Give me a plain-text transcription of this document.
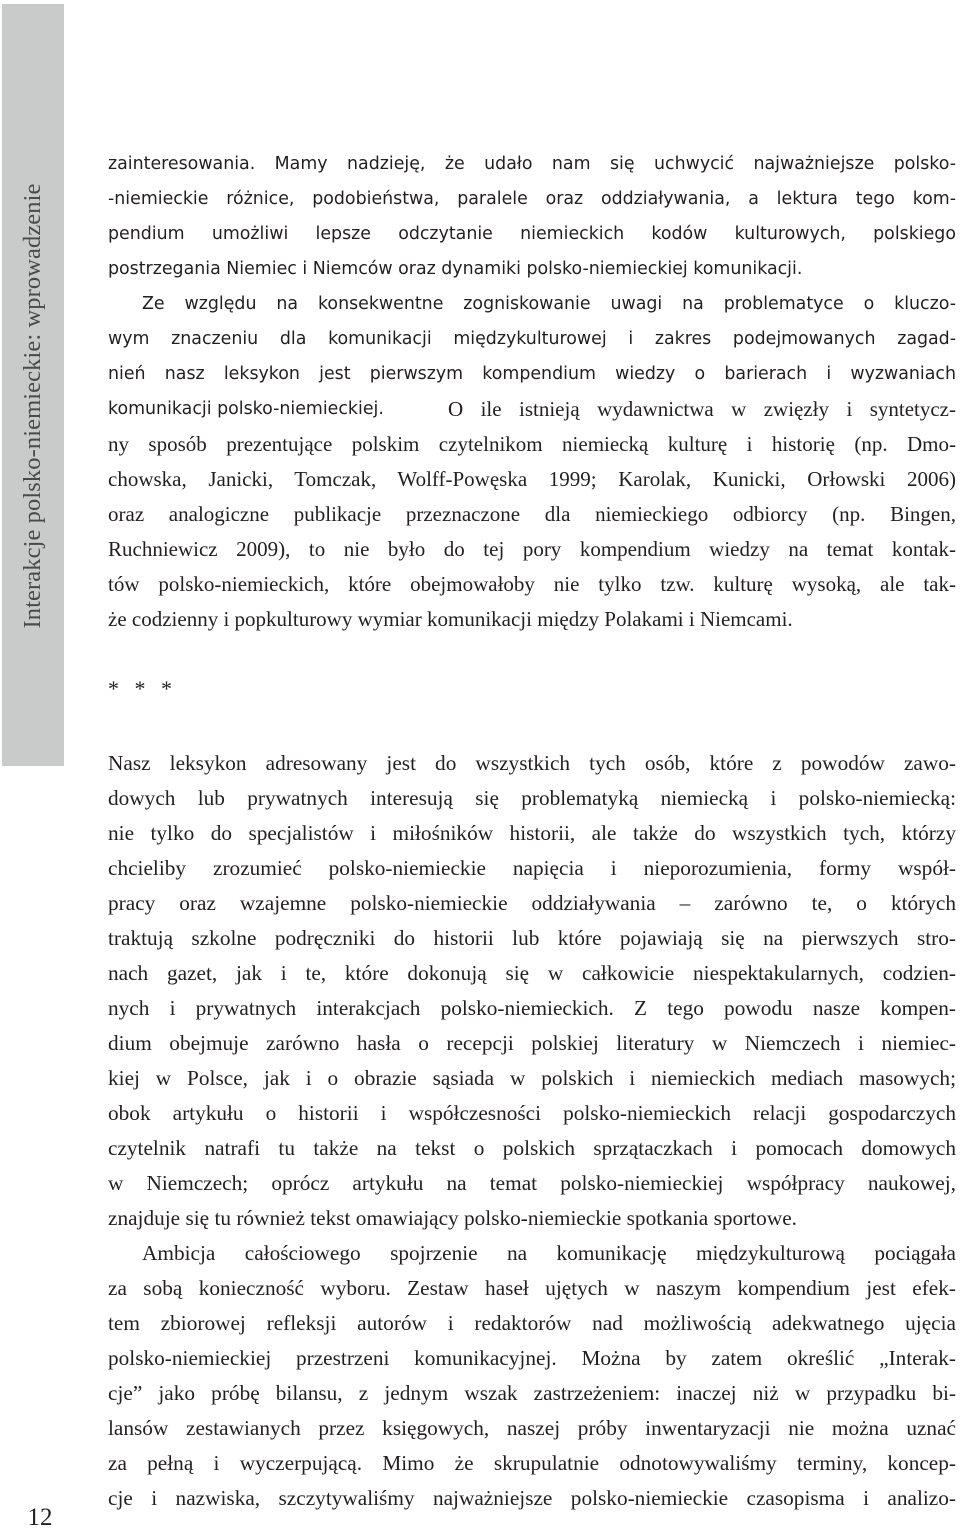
Interakcje polsko-niemieckie: wprowadzenie
12
zainteresowania. Mamy nadzieję, że udało nam się uchwycić najważniejsze polsko-
-niemieckie różnice, podobieństwa, paralele oraz oddziaływania, a lektura tego kom-
pendium umożliwi lepsze odczytanie niemieckich kodów kulturowych, polskiego
postrzegania Niemiec i Niemców oraz dynamiki polsko-niemieckiej komunikacji.
Ze względu na konsekwentne zogniskowanie uwagi na problematyce o kluczo-
wym znaczeniu dla komunikacji międzykulturowej i zakres podejmowanych zagad-
nień nasz leksykon jest pierwszym kompendium wiedzy o barierach i wyzwaniach
komunikacji polsko-niemieckiej.	O ile istnieją wydawnictwa w zwięzły i syntetycz-
ny sposób prezentujące polskim czytelnikom niemiecką kulturę i historię (np. Dmo-
chowska, Janicki, Tomczak, Wolff-Powęska 1999; Karolak, Kunicki, Orłowski 2006)
oraz analogiczne publikacje przeznaczone dla niemieckiego odbiorcy (np. Bingen,
Ruchniewicz 2009), to nie było do tej pory kompendium wiedzy na temat kontak-
tów polsko-niemieckich, które obejmowałoby nie tylko tzw. kulturę wysoką, ale tak-
że codzienny i popkulturowy wymiar komunikacji między Polakami i Niemcami.
* * *
Nasz leksykon adresowany jest do wszystkich tych osób, które z powodów zawo-
dowych lub prywatnych interesują się problematyką niemiecką i polsko-niemiecką:
nie tylko do specjalistów i miłośników historii, ale także do wszystkich tych, którzy
chcieliby zrozumieć polsko-niemieckie napięcia i nieporozumienia, formy współ-
pracy oraz wzajemne polsko-niemieckie oddziaływania – zarówno te, o których
traktują szkolne podręczniki do historii lub które pojawiają się na pierwszych stro-
nach gazet, jak i te, które dokonują się w całkowicie niespektakularnych, codzien-
nych i prywatnych interakcjach polsko-niemieckich. Z tego powodu nasze kompen-
dium obejmuje zarówno hasła o recepcji polskiej literatury w Niemczech i niemiec-
kiej w Polsce, jak i o obrazie sąsiada w polskich i niemieckich mediach masowych;
obok artykułu o historii i współczesności polsko-niemieckich relacji gospodarczych
czytelnik natrafi tu także na tekst o polskich sprzątaczkach i pomocach domowych
w Niemczech; oprócz artykułu na temat polsko-niemieckiej współpracy naukowej,
znajduje się tu również tekst omawiający polsko-niemieckie spotkania sportowe.
Ambicja całościowego spojrzenie na komunikację międzykulturową pociągała
za sobą konieczność wyboru. Zestaw haseł ujętych w naszym kompendium jest efek-
tem zbiorowej refleksji autorów i redaktorów nad możliwością adekwatnego ujęcia
polsko-niemieckiej przestrzeni komunikacyjnej. Można by zatem określić „Interak-
cje” jako próbę bilansu, z jednym wszak zastrzeżeniem: inaczej niż w przypadku bi-
lansów zestawianych przez księgowych, naszej próby inwentaryzacji nie można uznać
za pełną i wyczerpującą. Mimo że skrupulatnie odnotowywaliśmy terminy, koncep-
cje i nazwiska, szczytywaliśmy najważniejsze polsko-niemieckie czasopisma i analizo-
